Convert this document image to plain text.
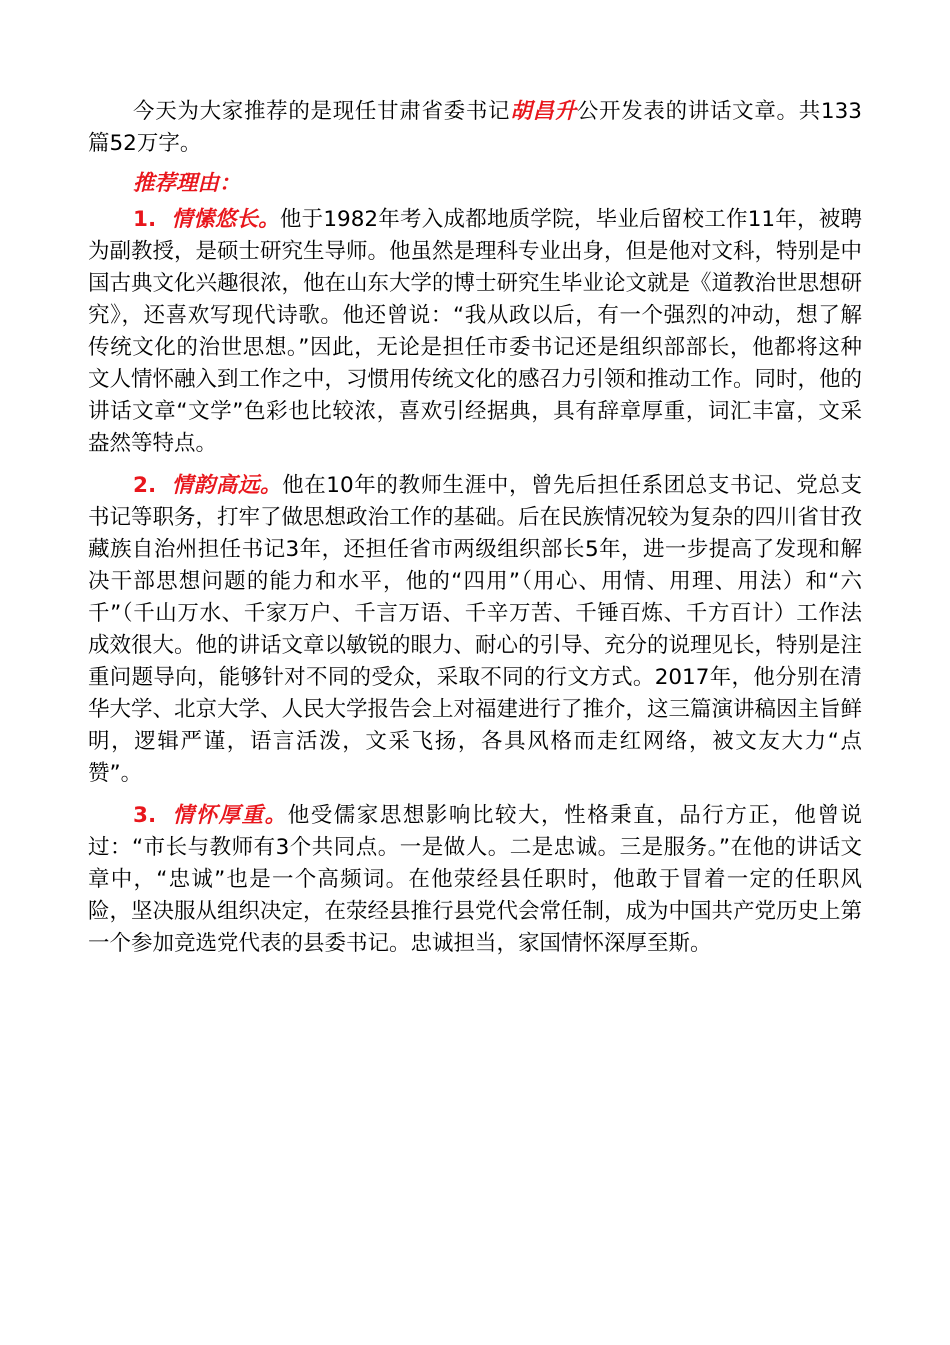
今天为大家推荐的是现任甘肃省委书记胡昌升公开发表的讲话文章。共133篇52万字。

推荐理由：

1. 情愫悠长。他于1982年考入成都地质学院，毕业后留校工作11年，被聘为副教授，是硕士研究生导师。他虽然是理科专业出身，但是他对文科，特别是中国古典文化兴趣很浓，他在山东大学的博士研究生毕业论文就是《道教治世思想研究》，还喜欢写现代诗歌。他还曾说：“我从政以后，有一个强烈的冲动，想了解传统文化的治世思想。”因此，无论是担任市委书记还是组织部部长，他都将这种文人情怀融入到工作之中，习惯用传统文化的感召力引领和推动工作。同时，他的讲话文章“文学”色彩也比较浓，喜欢引经据典，具有辞章厚重，词汇丰富，文采盎然等特点。

2. 情韵高远。他在10年的教师生涯中，曾先后担任系团总支书记、党总支书记等职务，打牢了做思想政治工作的基础。后在民族情况较为复杂的四川省甘孜藏族自治州担任书记3年，还担任省市两级组织部长5年，进一步提高了发现和解决干部思想问题的能力和水平，他的“四用”（用心、用情、用理、用法）和“六千”（千山万水、千家万户、千言万语、千辛万苦、千锤百炼、千方百计）工作法成效很大。他的讲话文章以敏锐的眼力、耐心的引导、充分的说理见长，特别是注重问题导向，能够针对不同的受众，采取不同的行文方式。2017年，他分别在清华大学、北京大学、人民大学报告会上对福建进行了推介，这三篇演讲稿因主旨鲜明，逻辑严谨，语言活泼，文采飞扬，各具风格而走红网络，被文友大力“点赞”。

3. 情怀厚重。他受儒家思想影响比较大，性格秉直，品行方正，他曾说过：“市长与教师有3个共同点。一是做人。二是忠诚。三是服务。”在他的讲话文章中，“忠诚”也是一个高频词。在他荥经县任职时，他敢于冒着一定的任职风险，坚决服从组织决定，在荥经县推行县党代会常任制，成为中国共产党历史上第一个参加竞选党代表的县委书记。忠诚担当，家国情怀深厚至斯。
